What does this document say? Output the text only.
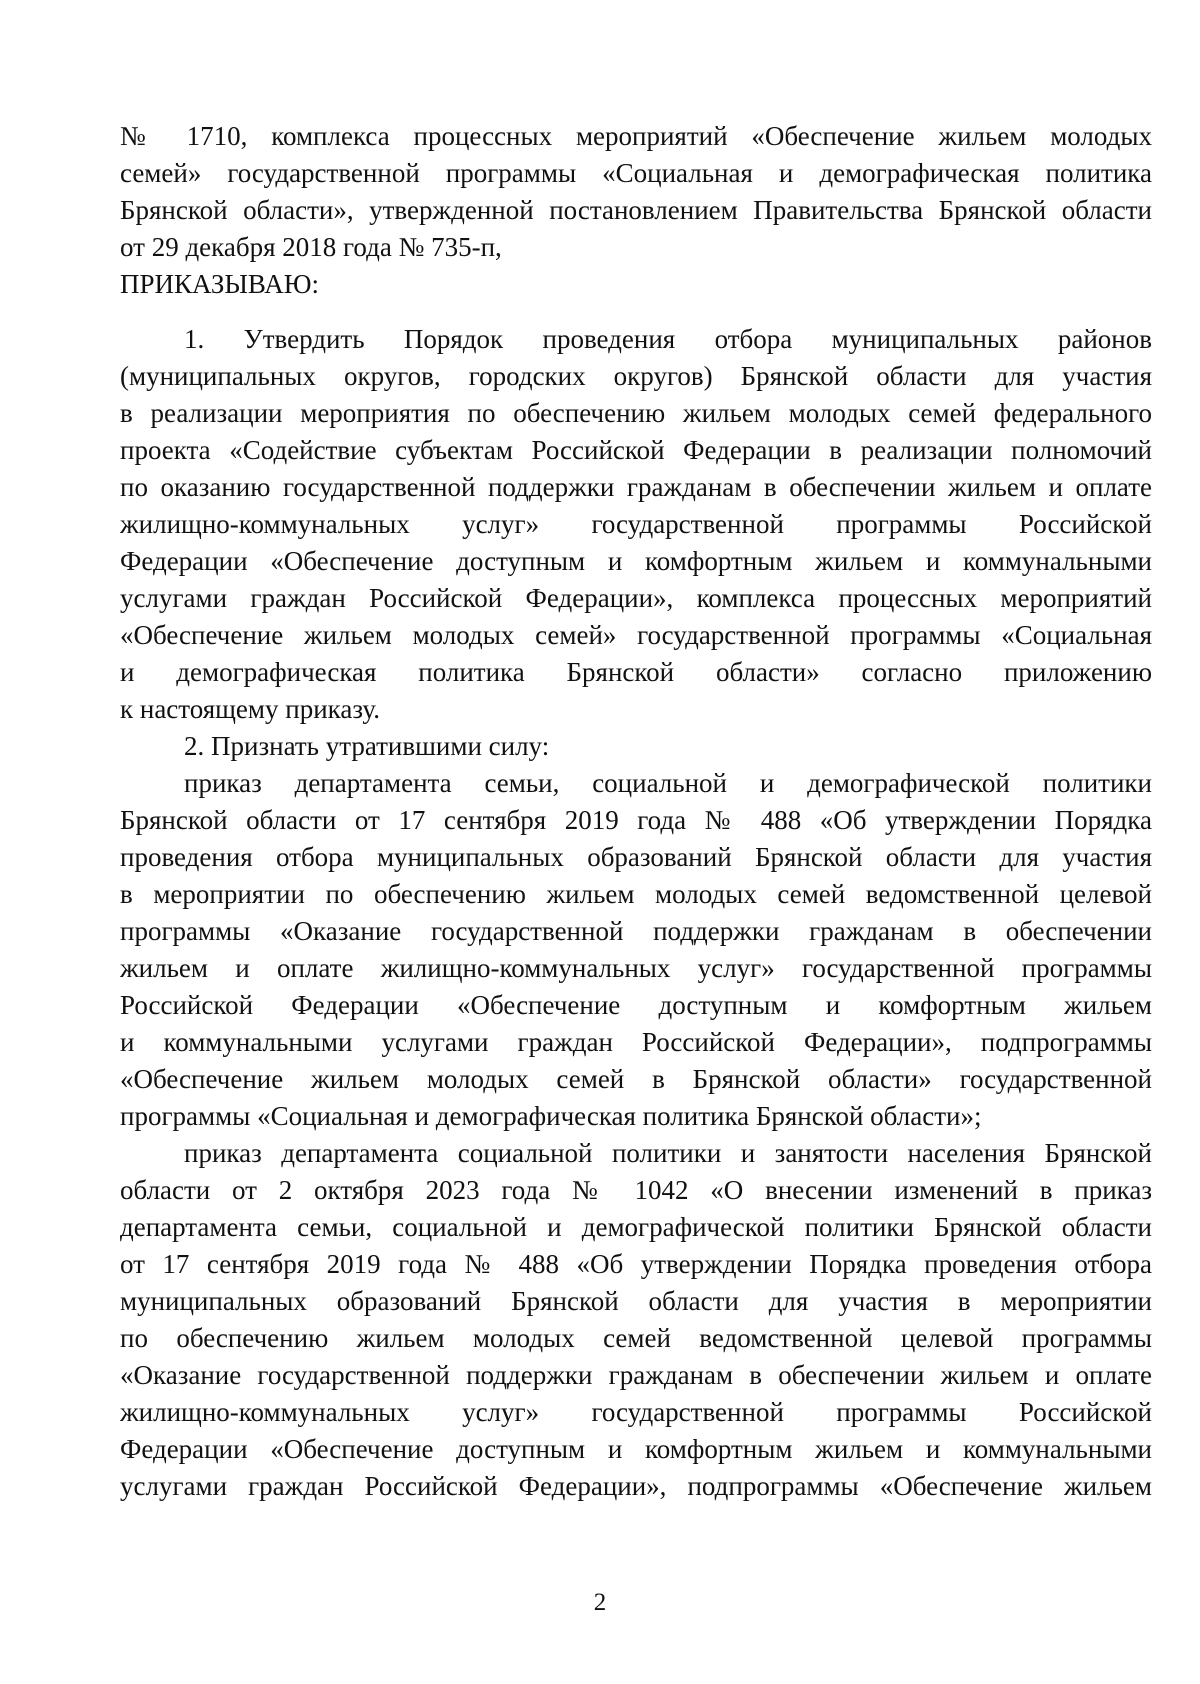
№ 1710, комплекса процессных мероприятий «Обеспечение жильем молодых
семей» государственной программы «Социальная и демографическая политика
Брянской области», утвержденной постановлением Правительства Брянской области
от 29 декабря 2018 года № 735-п,
ПРИКАЗЫВАЮ:
1. Утвердить Порядок проведения отбора муниципальных районов
(муниципальных округов, городских округов) Брянской области для участия
в реализации мероприятия по обеспечению жильем молодых семей федерального
проекта «Содействие субъектам Российской Федерации в реализации полномочий
по оказанию государственной поддержки гражданам в обеспечении жильем и оплате
жилищно-коммунальных услуг» государственной программы Российской
Федерации «Обеспечение доступным и комфортным жильем и коммунальными
услугами граждан Российской Федерации», комплекса процессных мероприятий
«Обеспечение жильем молодых семей» государственной программы «Социальная
и демографическая политика Брянской области» согласно приложению
к настоящему приказу.
2. Признать утратившими силу:
приказ департамента семьи, социальной и демографической политики
Брянской области от 17 сентября 2019 года № 488 «Об утверждении Порядка
проведения отбора муниципальных образований Брянской области для участия
в мероприятии по обеспечению жильем молодых семей ведомственной целевой
программы «Оказание государственной поддержки гражданам в обеспечении
жильем и оплате жилищно-коммунальных услуг» государственной программы
Российской Федерации «Обеспечение доступным и комфортным жильем
и коммунальными услугами граждан Российской Федерации», подпрограммы
«Обеспечение жильем молодых семей в Брянской области» государственной
программы «Социальная и демографическая политика Брянской области»;
приказ департамента социальной политики и занятости населения Брянской
области от 2 октября 2023 года № 1042 «О внесении изменений в приказ
департамента семьи, социальной и демографической политики Брянской области
от 17 сентября 2019 года № 488 «Об утверждении Порядка проведения отбора
муниципальных образований Брянской области для участия в мероприятии
по обеспечению жильем молодых семей ведомственной целевой программы
«Оказание государственной поддержки гражданам в обеспечении жильем и оплате
жилищно-коммунальных услуг» государственной программы Российской
Федерации «Обеспечение доступным и комфортным жильем и коммунальными
услугами граждан Российской Федерации», подпрограммы «Обеспечение жильем
2
